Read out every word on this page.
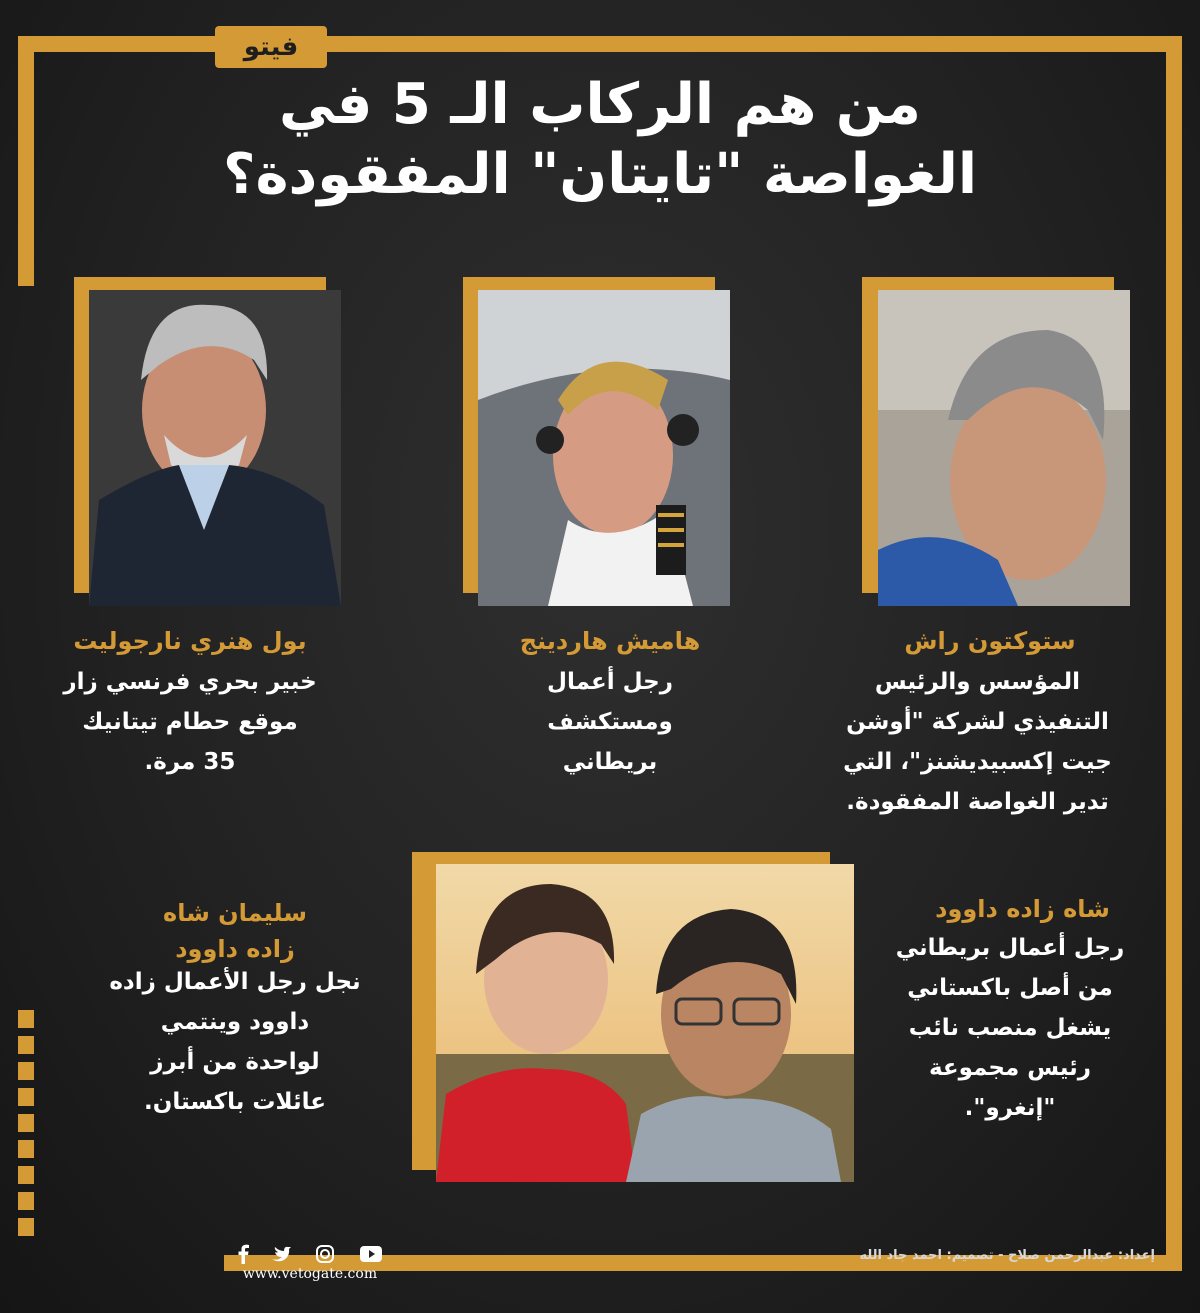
فيتو
من هم الركاب الـ 5 في
الغواصة "تايتان" المفقودة؟
ستوكتون راش
المؤسس والرئيس
التنفيذي لشركة "أوشن
جيت إكسبيديشنز"، التي
تدير الغواصة المفقودة.
هاميش هاردينج
رجل أعمال
ومستكشف
بريطاني
بول هنري نارجوليت
خبير بحري فرنسي زار
موقع حطام تيتانيك
35 مرة.
شاه زاده داوود
رجل أعمال بريطاني
من أصل باكستاني
يشغل منصب نائب
رئيس مجموعة
"إنغرو".
سليمان شاه
زاده داوود
نجل رجل الأعمال زاده
داوود وينتمي
لواحدة من أبرز
عائلات باكستان.
إعداد: عبدالرحمن صلاح - تصميم: احمد جاد الله
www.vetogate.com
